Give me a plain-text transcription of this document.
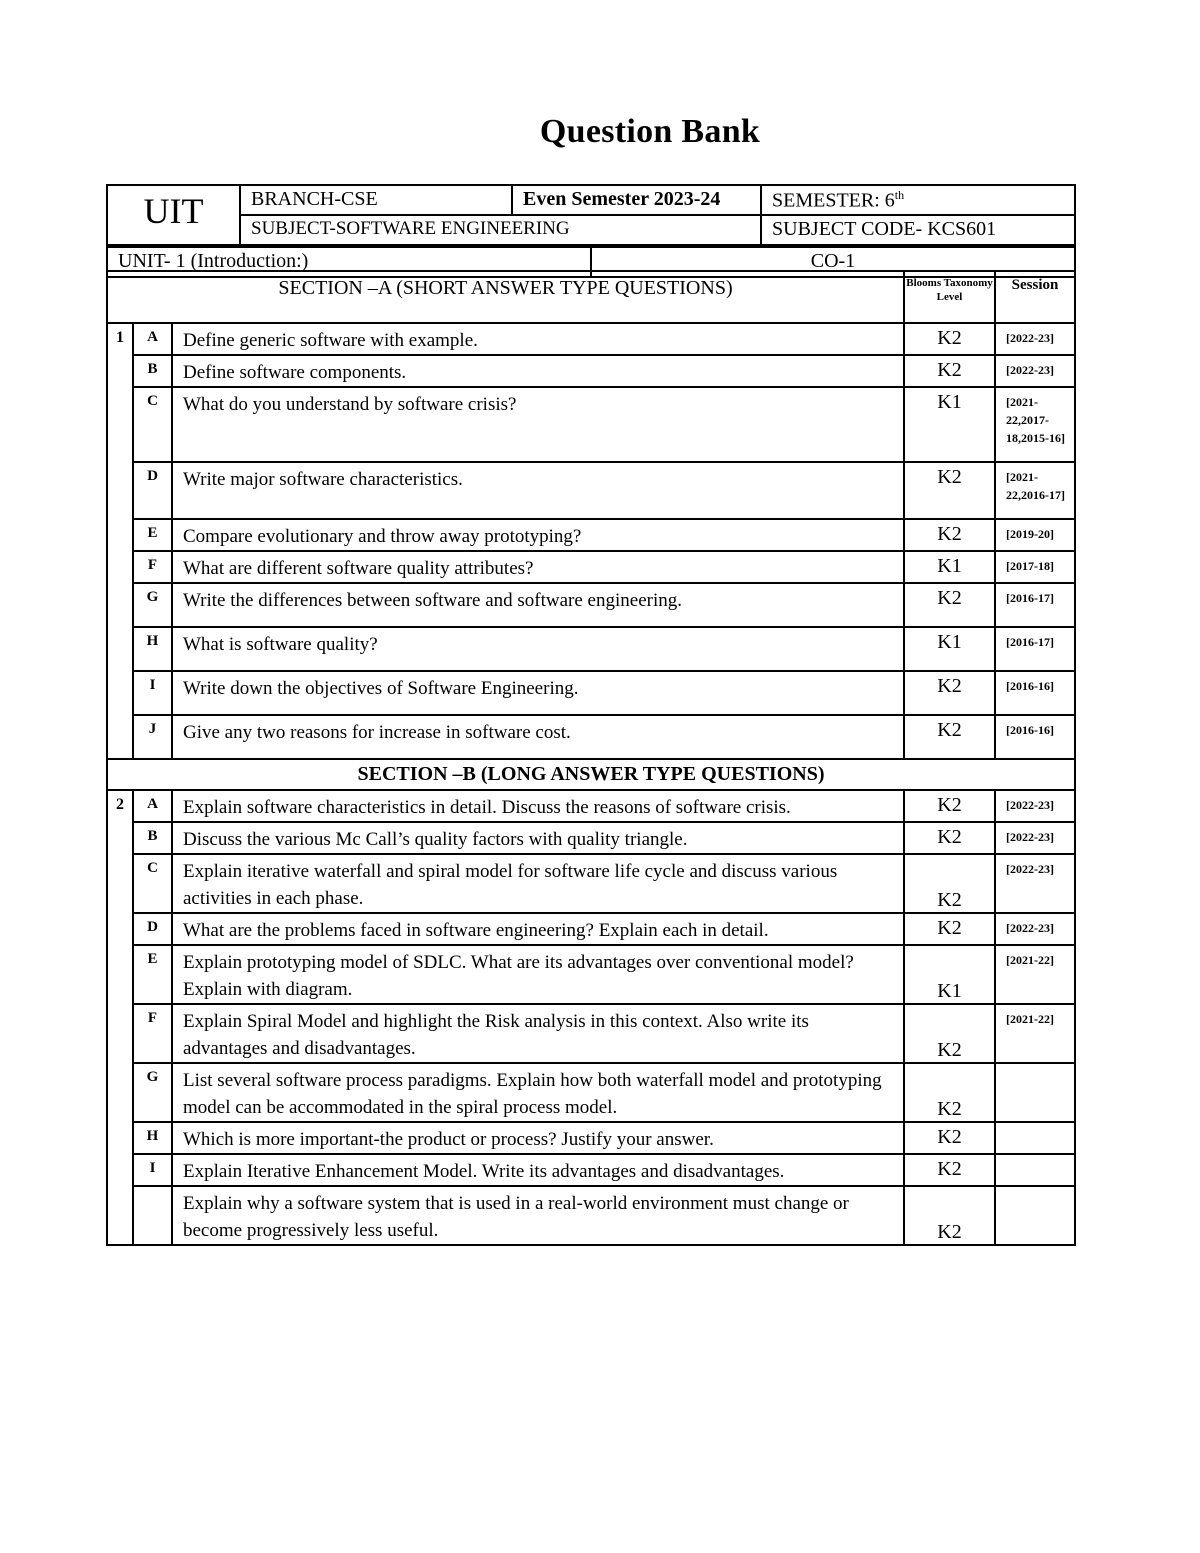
Question Bank
UIT	BRANCH-CSE	Even Semester 2023-24	SEMESTER: 6th
	SUBJECT-SOFTWARE ENGINEERING		SUBJECT CODE- KCS601
UNIT- 1 (Introduction:)	CO-1
SECTION –A (SHORT ANSWER TYPE QUESTIONS)			Blooms Taxonomy Level	Session
1	A	Define generic software with example.	K2	[2022-23]
	B	Define software components.	K2	[2022-23]
	C	What do you understand by software crisis?	K1	[2021-22,2017-18,2015-16]
	D	Write major software characteristics.	K2	[2021-22,2016-17]
	E	Compare evolutionary and throw away prototyping?	K2	[2019-20]
	F	What are different software quality attributes?	K1	[2017-18]
	G	Write the differences between software and software engineering.	K2	[2016-17]
	H	What is software quality?	K1	[2016-17]
	I	Write down the objectives of Software Engineering.	K2	[2016-16]
	J	Give any two reasons for increase in software cost.	K2	[2016-16]
SECTION –B (LONG ANSWER TYPE QUESTIONS)				
2	A	Explain software characteristics in detail. Discuss the reasons of software crisis.	K2	[2022-23]
	B	Discuss the various Mc Call’s quality factors with quality triangle.	K2	[2022-23]
	C	Explain iterative waterfall and spiral model for software life cycle and discuss various activities in each phase.	K2	[2022-23]
	D	What are the problems faced in software engineering? Explain each in detail.	K2	[2022-23]
	E	Explain prototyping model of SDLC. What are its advantages over conventional model? Explain with diagram.	K1	[2021-22]
	F	Explain Spiral Model and highlight the Risk analysis in this context. Also write its advantages and disadvantages.	K2	[2021-22]
	G	List several software process paradigms. Explain how both waterfall model and prototyping model can be accommodated in the spiral process model.	K2	
	H	Which is more important-the product or process? Justify your answer.	K2	
	I	Explain Iterative Enhancement Model. Write its advantages and disadvantages.	K2	
		Explain why a software system that is used in a real-world environment must change or become progressively less useful.	K2	
